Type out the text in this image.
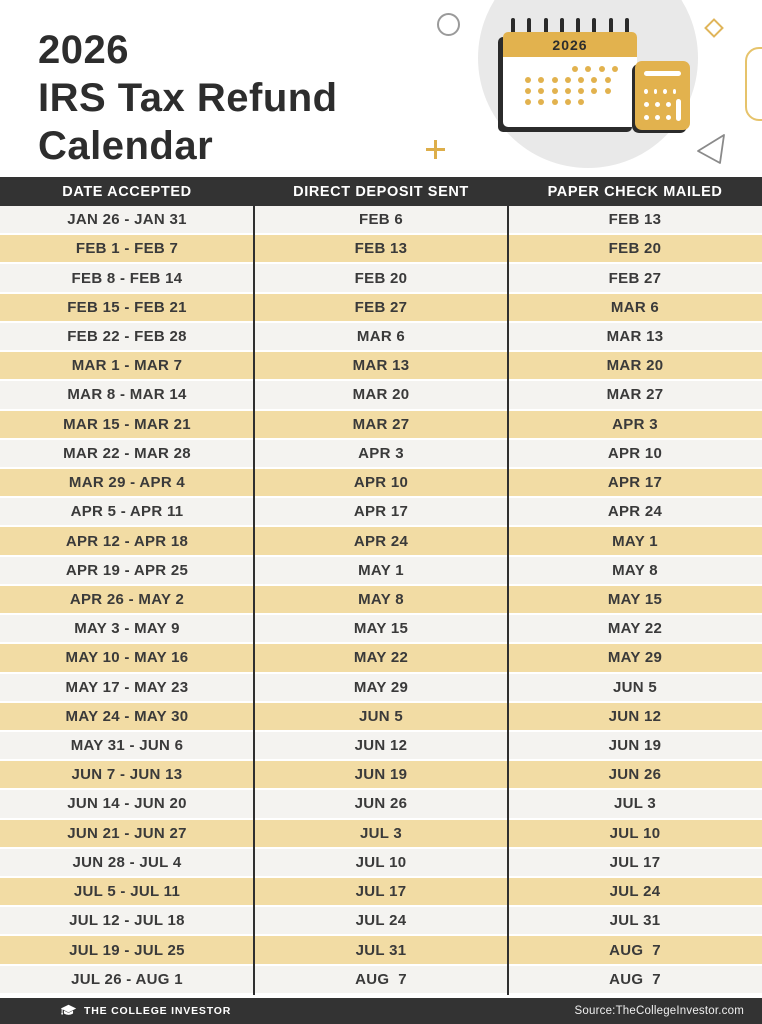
2026
IRS Tax Refund
Calendar
2026
DATE ACCEPTED	DIRECT DEPOSIT SENT	PAPER CHECK MAILED
JAN 26 - JAN 31	FEB 6	FEB 13
FEB 1 - FEB 7	FEB 13	FEB 20
FEB 8 - FEB 14	FEB 20	FEB 27
FEB 15 - FEB 21	FEB 27	MAR 6
FEB 22 - FEB 28	MAR 6	MAR 13
MAR 1 - MAR 7	MAR 13	MAR 20
MAR 8 - MAR 14	MAR 20	MAR 27
MAR 15 - MAR 21	MAR 27	APR 3
MAR 22 - MAR 28	APR 3	APR 10
MAR 29 - APR 4	APR 10	APR 17
APR 5 - APR 11	APR 17	APR 24
APR 12 - APR 18	APR 24	MAY 1
APR 19 - APR 25	MAY 1	MAY 8
APR 26 - MAY 2	MAY 8	MAY 15
MAY 3 - MAY 9	MAY 15	MAY 22
MAY 10 - MAY 16	MAY 22	MAY 29
MAY 17 - MAY 23	MAY 29	JUN 5
MAY 24 - MAY 30	JUN 5	JUN 12
MAY 31 - JUN 6	JUN 12	JUN 19
JUN 7 - JUN 13	JUN 19	JUN 26
JUN 14 - JUN 20	JUN 26	JUL 3
JUN 21 - JUN 27	JUL 3	JUL 10
JUN 28 - JUL 4	JUL 10	JUL 17
JUL 5 - JUL 11	JUL 17	JUL 24
JUL 12 - JUL 18	JUL 24	JUL 31
JUL 19 - JUL 25	JUL 31	AUG  7
JUL 26 - AUG 1	AUG  7	AUG  7
THE COLLEGE INVESTOR	Source:TheCollegeInvestor.com
